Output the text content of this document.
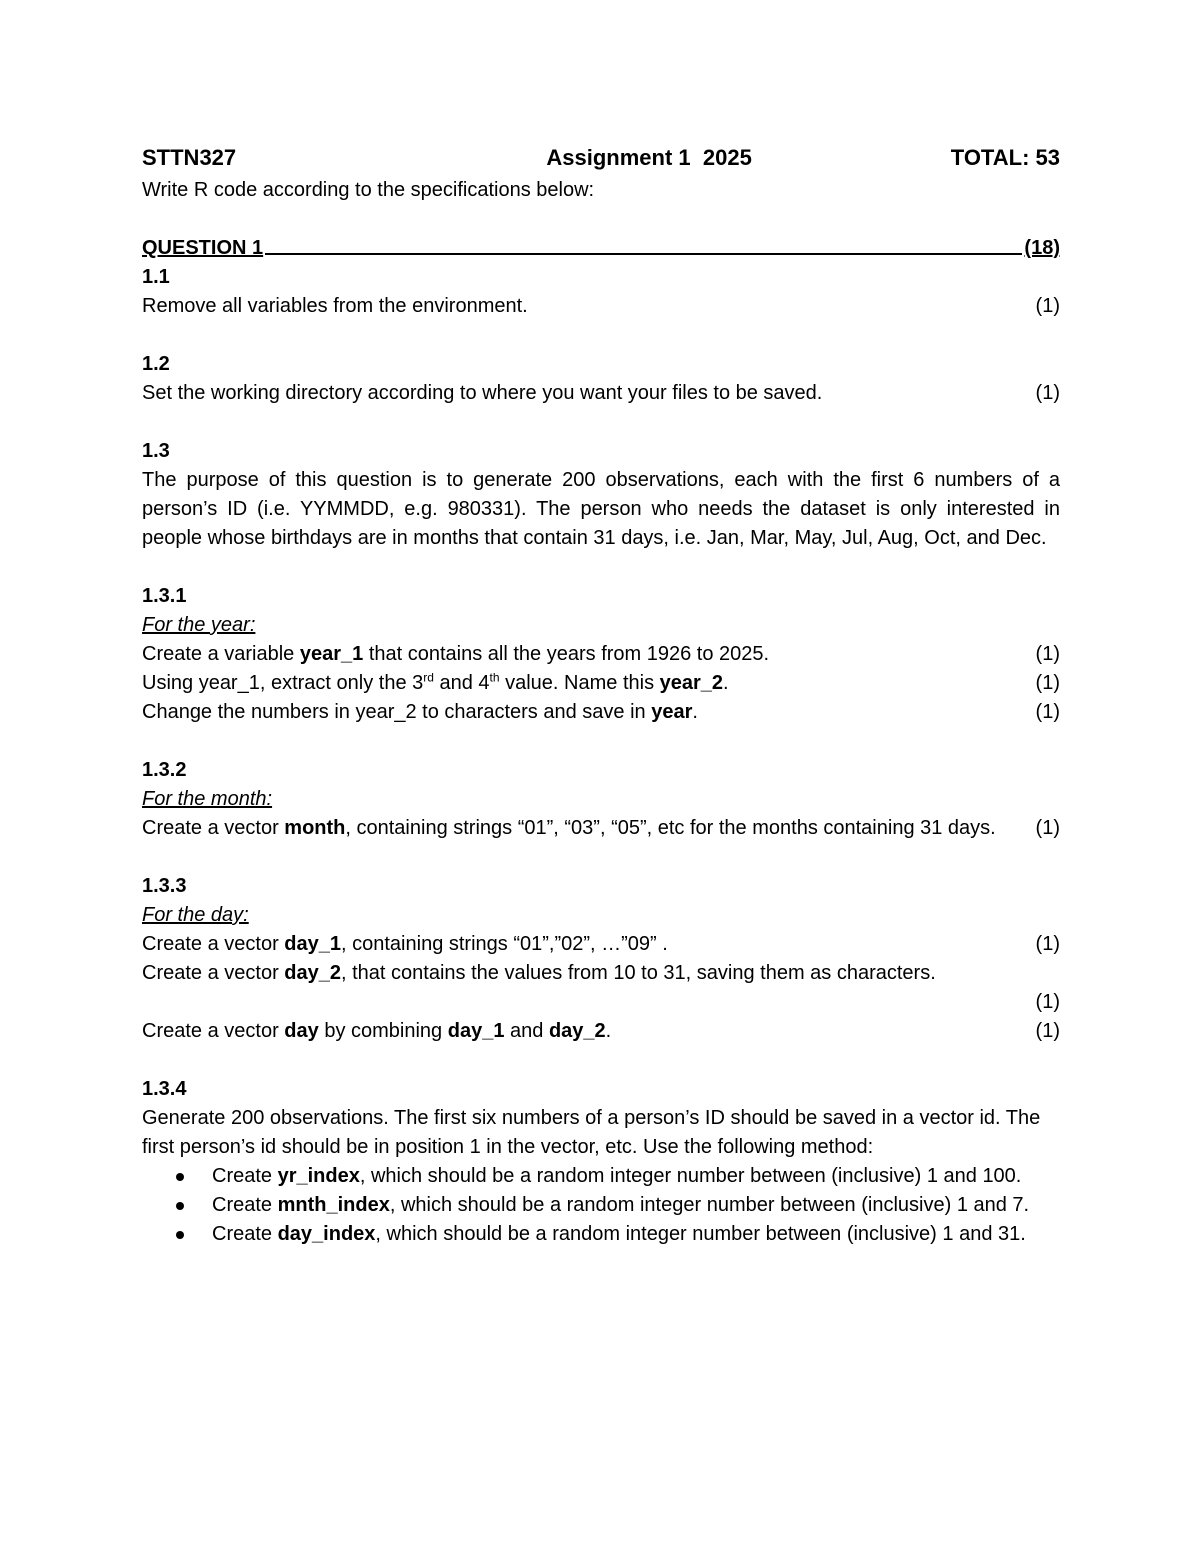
STTN327	Assignment 1  2025	TOTAL: 53

Write R code according to the specifications below:

QUESTION 1	(18)
1.1
Remove all variables from the environment.	(1)
1.2
Set the working directory according to where you want your files to be saved.	(1)
1.3

The purpose of this question is to generate 200 observations, each with the first 6 numbers of a person’s ID (i.e. YYMMDD, e.g. 980331). The person who needs the dataset is only interested in people whose birthdays are in months that contain 31 days, i.e. Jan, Mar, May, Jul, Aug, Oct, and Dec.

1.3.1
For the year:
Create a variable year_1 that contains all the years from 1926 to 2025.	(1)
Using year_1, extract only the 3rd and 4th value. Name this year_2.	(1)
Change the numbers in year_2 to characters and save in year.	(1)
1.3.2
For the month:

Create a vector month, containing strings “01”, “03”, “05”, etc for the months containing 31 days.	(1)
1.3.3
For the day:
Create a vector day_1, containing strings “01”,”02”, …”09” .	(1)

Create a vector day_2, that contains the values from 10 to 31, saving them as characters.

(1)
Create a vector day by combining day_1 and day_2.	(1)
1.3.4

Generate 200 observations. The first six numbers of a person’s ID should be saved in a vector id. The first person’s id should be in position 1 in the vector, etc. Use the following method:

Create yr_index, which should be a random integer number between (inclusive) 1 and 100.
Create mnth_index, which should be a random integer number between (inclusive) 1 and 7.
Create day_index, which should be a random integer number between (inclusive) 1 and 31.
